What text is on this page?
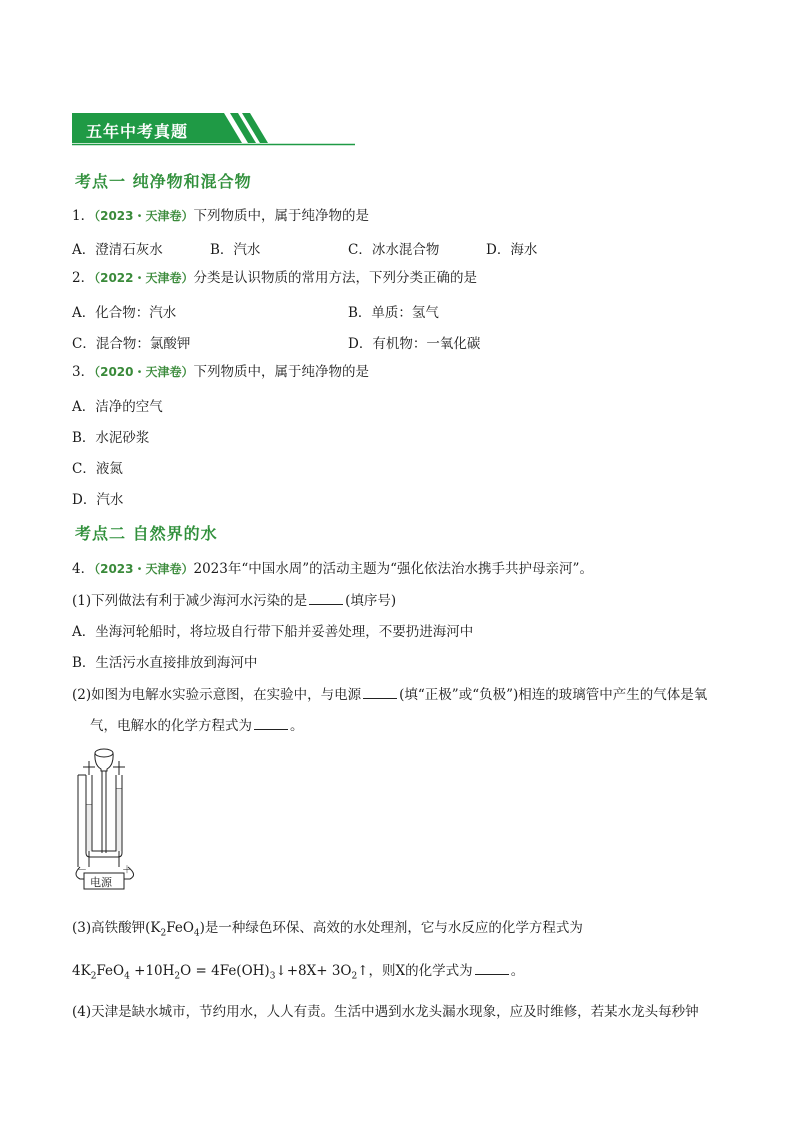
五年中考真题
考点一 纯净物和混合物
1．（2023・天津卷）下列物质中，属于纯净物的是
A．澄清石灰水	B．汽水	C．冰水混合物	D．海水
2．（2022・天津卷）分类是认识物质的常用方法，下列分类正确的是
A．化合物：汽水	B．单质：氢气
C．混合物：氯酸钾	D．有机物：一氧化碳
3．（2020・天津卷）下列物质中，属于纯净物的是
A．洁净的空气
B．水泥砂浆
C．液氮
D．汽水
考点二 自然界的水
4．（2023・天津卷）2023年“中国水周”的活动主题为“强化依法治水携手共护母亲河”。
(1)下列做法有利于减少海河水污染的是	(填序号)
A．坐海河轮船时，将垃圾自行带下船并妥善处理，不要扔进海河中
B．生活污水直接排放到海河中
(2)如图为电解水实验示意图，在实验中，与电源	(填“正极”或“负极”)相连的玻璃管中产生的气体是氧
气，电解水的化学方程式为	。
－	＋
电源
(3)高铁酸钾$(K_2FeO_4)$是一种绿色环保、高效的水处理剂，它与水反应的化学方程式为
$4K_2FeO_4 +10H_2O$ = $4Fe(OH)_3↓+8X+$ $3O_2↑$，则X的化学式为	。
(4)天津是缺水城市，节约用水，人人有责。生活中遇到水龙头漏水现象，应及时维修，若某水龙头每秒钟
